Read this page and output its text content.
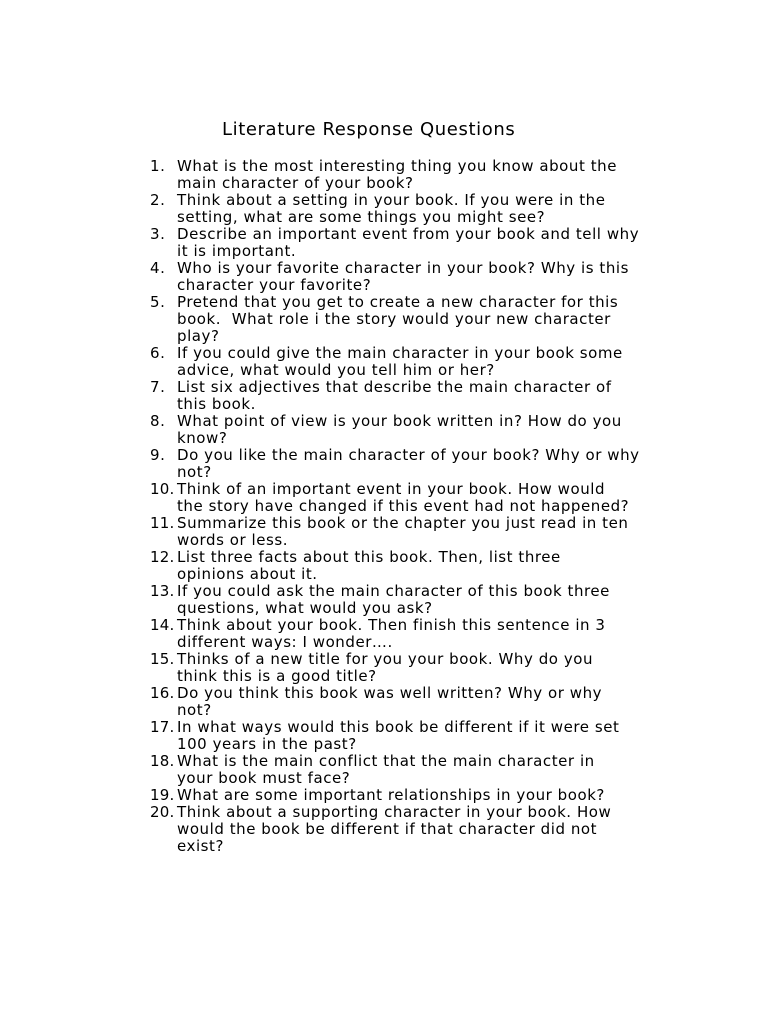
Literature Response Questions
1. What is the most interesting thing you know about the
main character of your book?
2. Think about a setting in your book. If you were in the
setting, what are some things you might see?
3. Describe an important event from your book and tell why
it is important.
4. Who is your favorite character in your book? Why is this
character your favorite?
5. Pretend that you get to create a new character for this
book.  What role i the story would your new character
play?
6. If you could give the main character in your book some
advice, what would you tell him or her?
7. List six adjectives that describe the main character of
this book.
8. What point of view is your book written in? How do you
know?
9. Do you like the main character of your book? Why or why
not?
10. Think of an important event in your book. How would
the story have changed if this event had not happened?
11. Summarize this book or the chapter you just read in ten
words or less.
12. List three facts about this book. Then, list three
opinions about it.
13. If you could ask the main character of this book three
questions, what would you ask?
14. Think about your book. Then finish this sentence in 3
different ways: I wonder….
15. Thinks of a new title for you your book. Why do you
think this is a good title?
16. Do you think this book was well written? Why or why
not?
17. In what ways would this book be different if it were set
100 years in the past?
18. What is the main conflict that the main character in
your book must face?
19. What are some important relationships in your book?
20. Think about a supporting character in your book. How
would the book be different if that character did not
exist?
